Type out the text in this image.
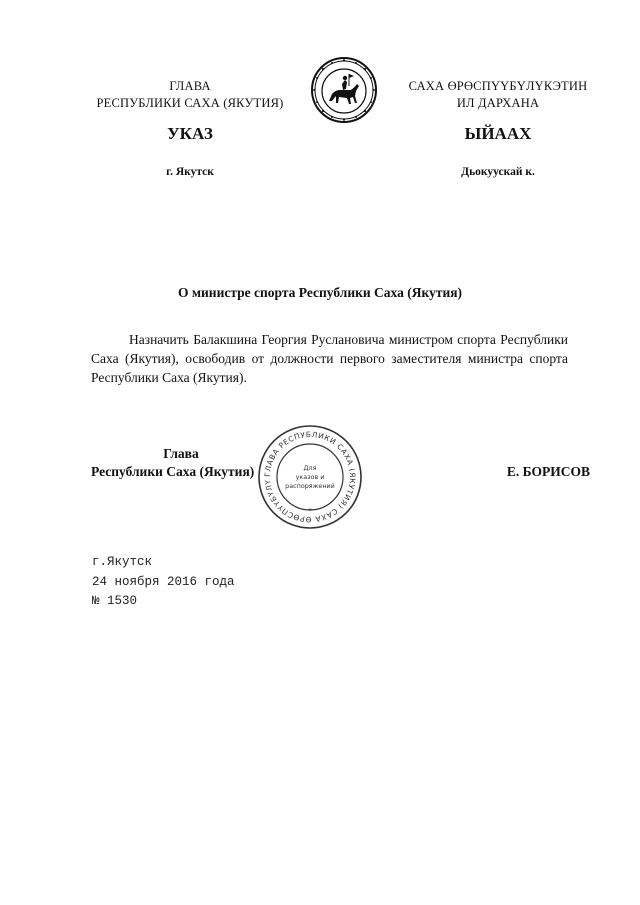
ГЛАВА
РЕСПУБЛИКИ САХА (ЯКУТИЯ)
САХА ӨРӨСПҮҮБҮЛҮКЭТИН
ИЛ ДАРХАНА
УКАЗ	ЫЙААХ
г. Якутск	Дьокуускай к.
О министре спорта Республики Саха (Якутия)
Назначить Балакшина Георгия Руслановича министром спорта Республики Саха (Якутия), освободив от должности первого заместителя министра спорта Республики Саха (Якутия).
ГЛАВА РЕСПУБЛИКИ САХА (ЯКУТИЯ) САХА ӨРӨСПҮҮБҮЛҮ
*
Для
указов и
распоряжений
Глава
Республики Саха (Якутия)	Е. БОРИСОВ
г.Якутск
24 ноября 2016 года
№ 1530
